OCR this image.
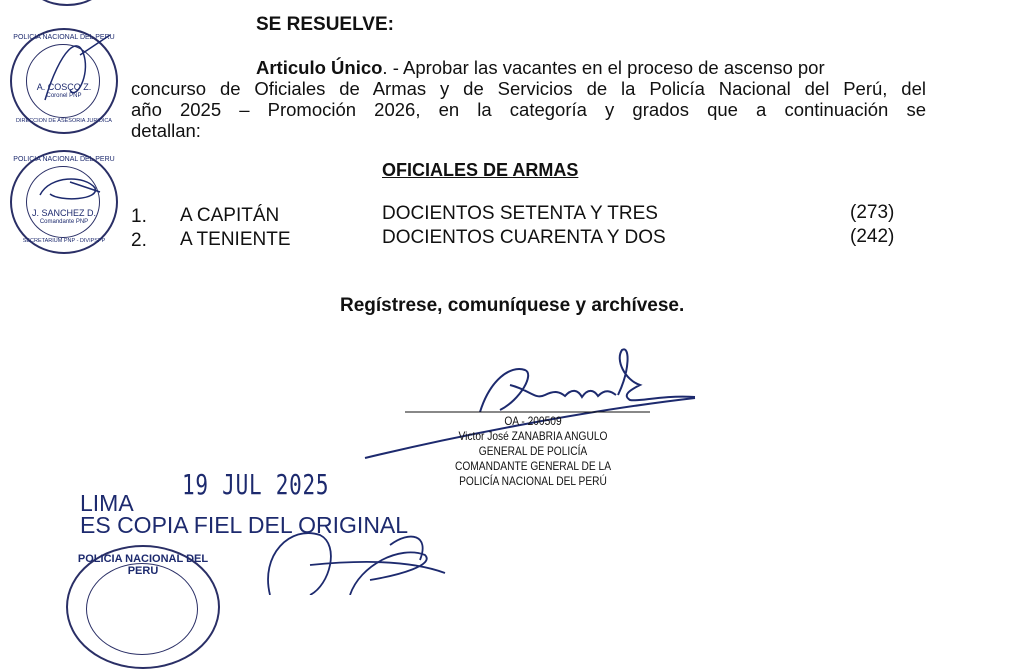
POLICIA NACIONAL DEL PERU
A. COSCO Z.
Coronel PNP
DIRECCION DE ASESORIA JURIDICA
POLICIA NACIONAL DEL PERU
J. SANCHEZ D.
Comandante PNP
SECRETARIUM PNP - DIVIPSPP
SE RESUELVE:
Articulo Único. - Aprobar las vacantes en el proceso de ascenso por
concurso de Oficiales de Armas y de Servicios de la Policía Nacional del Perú, del
año 2025 – Promoción 2026, en la categoría y grados que a continuación se
detallan:
OFICIALES DE ARMAS
1. A CAPITÁN	DOCIENTOS SETENTA Y TRES	(273)
2. A TENIENTE	DOCIENTOS CUARENTA Y DOS	(242)
Regístrese, comuníquese y archívese.
OA - 200509
Victor José ZANABRIA ANGULO
GENERAL DE POLICÍA
COMANDANTE GENERAL DE LA
POLICÍA NACIONAL DEL PERÚ
LIMA
19 JUL 2025
ES COPIA FIEL DEL ORIGINAL
POLICIA NACIONAL DEL PERU
